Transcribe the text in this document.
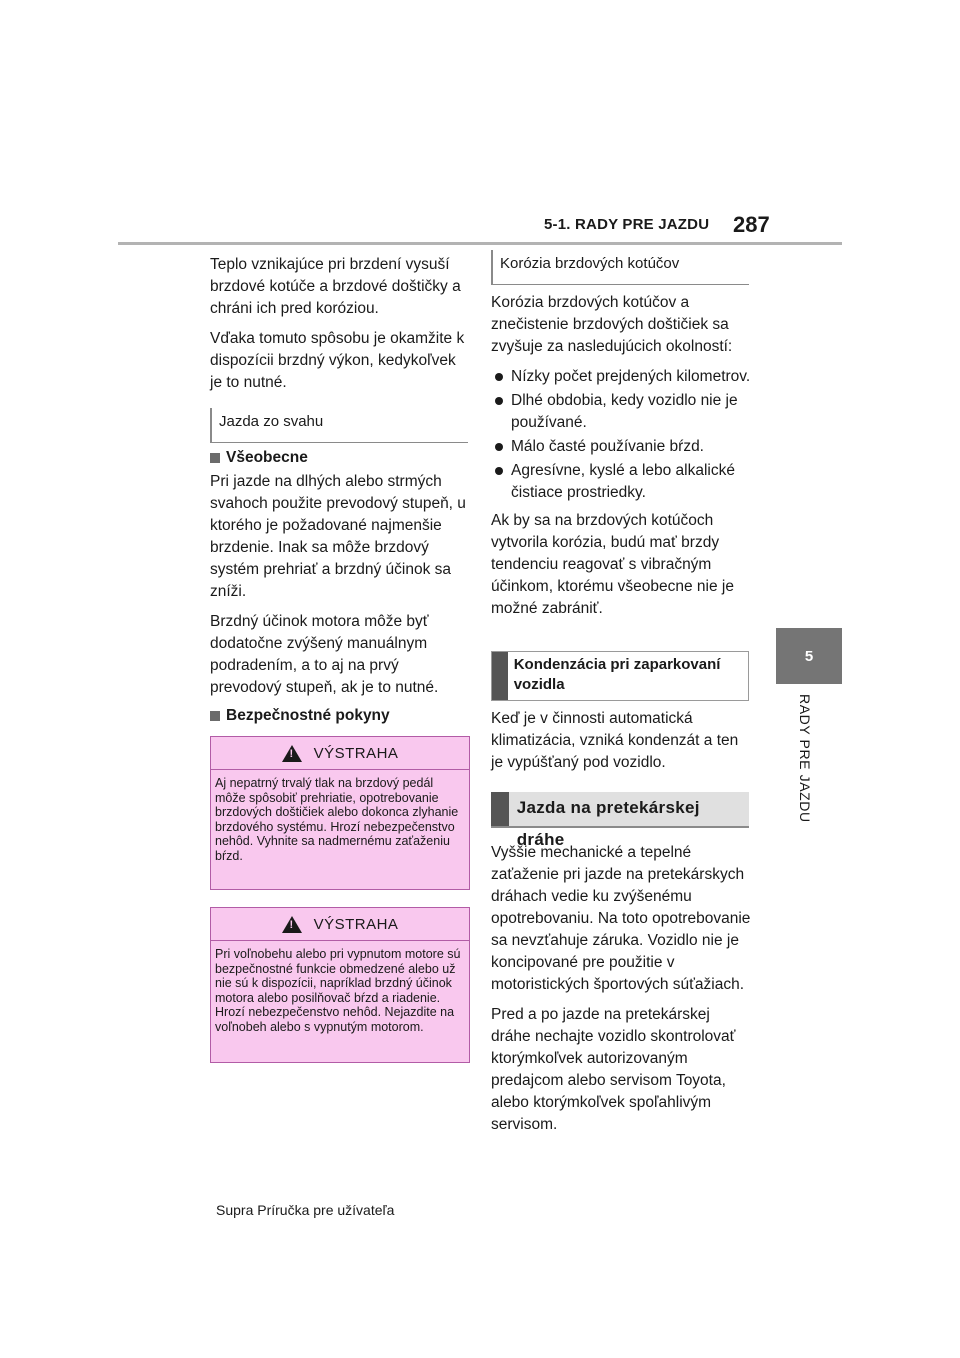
5-1. RADY PRE JAZDU 287
5
RADY PRE JAZDU

Teplo vznikajúce pri brzdení vysuší brzdové kotúče a brzdové doštičky a chráni ich pred koróziou.

Vďaka tomuto spôsobu je okamžite k dispozícii brzdný výkon, kedykoľvek je to nutné.

Jazda zo svahu
Všeobecne

Pri jazde na dlhých alebo strmých svahoch použite prevodový stupeň, u ktorého je požadované najmenšie brzdenie. Inak sa môže brzdový systém prehriať a brzdný účinok sa zníži.

Brzdný účinok motora môže byť dodatočne zvýšený manuálnym podradením, a to aj na prvý prevodový stupeň, ak je to nutné.

Bezpečnostné pokyny
! VÝSTRAHA
Aj nepatrný trvalý tlak na brzdový pedál môže spôsobiť prehriatie, opotrebovanie brzdových doštičiek alebo dokonca zlyhanie brzdového systému. Hrozí nebezpečenstvo nehôd. Vyhnite sa nadmernému zaťaženiu bŕzd.
! VÝSTRAHA
Pri voľnobehu alebo pri vypnutom motore sú bezpečnostné funkcie obmedzené alebo už nie sú k dispozícii, napríklad brzdný účinok motora alebo posilňovač bŕzd a riadenie. Hrozí nebezpečenstvo nehôd. Nejazdite na voľnobeh alebo s vypnutým motorom.
Korózia brzdových kotúčov

Korózia brzdových kotúčov a znečistenie brzdových doštičiek sa zvyšuje za nasledujúcich okolností:

Nízky počet prejdených kilometrov.
Dlhé obdobia, kedy vozidlo nie je používané.
Málo časté používanie bŕzd.
Agresívne, kyslé a lebo alkalické čistiace prostriedky.

Ak by sa na brzdových kotúčoch vytvorila korózia, budú mať brzdy tendenciu reagovať s vibračným účinkom, ktorému všeobecne nie je možné zabrániť.

Kondenzácia pri zaparkovaní vozidla

Keď je v činnosti automatická klimatizácia, vzniká kondenzát a ten je vypúšťaný pod vozidlo.

Jazda na pretekárskej dráhe

Vyššie mechanické a tepelné zaťaženie pri jazde na pretekárskych dráhach vedie ku zvýšenému opotrebovaniu. Na toto opotrebovanie sa nevzťahuje záruka. Vozidlo nie je koncipované pre použitie v motoristických športových súťažiach.

Pred a po jazde na pretekárskej dráhe nechajte vozidlo skontrolovať ktorýmkoľvek autorizovaným predajcom alebo servisom Toyota, alebo ktorýmkoľvek spoľahlivým servisom.

Supra Príručka pre užívateľa
